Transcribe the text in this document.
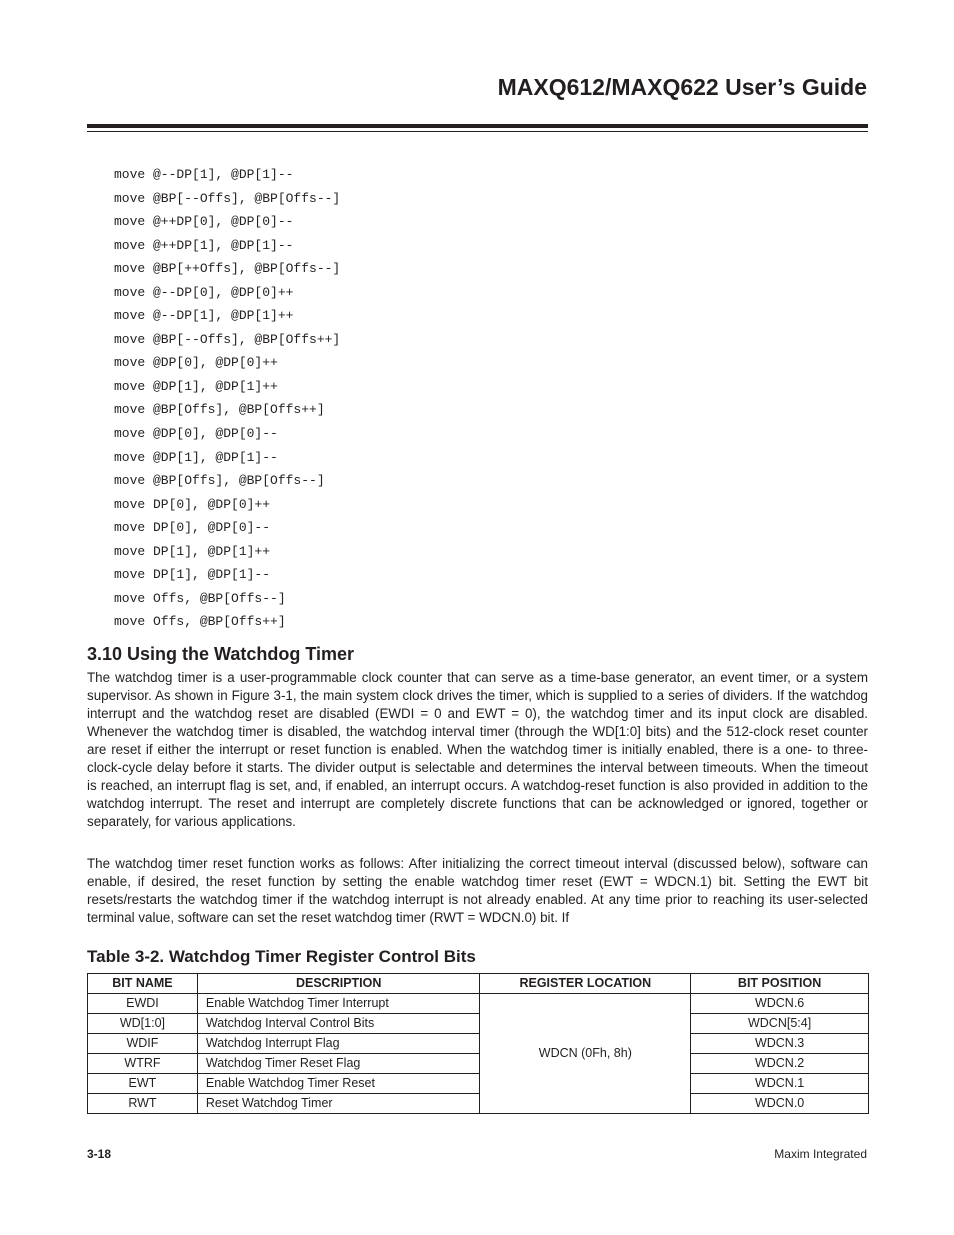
MAXQ612/MAXQ622 User’s Guide
move @--DP[1], @DP[1]--
move @BP[--Offs], @BP[Offs--]
move @++DP[0], @DP[0]--
move @++DP[1], @DP[1]--
move @BP[++Offs], @BP[Offs--]
move @--DP[0], @DP[0]++
move @--DP[1], @DP[1]++
move @BP[--Offs], @BP[Offs++]
move @DP[0], @DP[0]++
move @DP[1], @DP[1]++
move @BP[Offs], @BP[Offs++]
move @DP[0], @DP[0]--
move @DP[1], @DP[1]--
move @BP[Offs], @BP[Offs--]
move DP[0], @DP[0]++
move DP[0], @DP[0]--
move DP[1], @DP[1]++
move DP[1], @DP[1]--
move Offs, @BP[Offs--]
move Offs, @BP[Offs++]
3.10 Using the Watchdog Timer

The watchdog timer is a user-programmable clock counter that can serve as a time-base generator, an event timer, or a system supervisor. As shown in Figure 3-1, the main system clock drives the timer, which is supplied to a series of dividers. If the watchdog interrupt and the watchdog reset are disabled (EWDI = 0 and EWT = 0), the watchdog timer and its input clock are disabled. Whenever the watchdog timer is disabled, the watchdog interval timer (through the WD[1:0] bits) and the 512-clock reset counter are reset if either the interrupt or reset function is enabled. When the watchdog timer is initially enabled, there is a one- to three-clock-cycle delay before it starts. The divider output is selectable and determines the interval between timeouts. When the timeout is reached, an interrupt flag is set, and, if enabled, an interrupt occurs. A watchdog-reset function is also provided in addition to the watchdog interrupt. The reset and interrupt are completely discrete functions that can be acknowledged or ignored, together or separately, for various applications.

The watchdog timer reset function works as follows: After initializing the correct timeout interval (discussed below), software can enable, if desired, the reset function by setting the enable watchdog timer reset (EWT = WDCN.1) bit. Setting the EWT bit resets/restarts the watchdog timer if the watchdog interrupt is not already enabled. At any time prior to reaching its user-selected terminal value, software can set the reset watchdog timer (RWT = WDCN.0) bit. If

Table 3-2. Watchdog Timer Register Control Bits
BIT NAME	DESCRIPTION	REGISTER LOCATION	BIT POSITION
EWDI	Enable Watchdog Timer Interrupt	WDCN (0Fh, 8h)	WDCN.6
WD[1:0]	Watchdog Interval Control Bits		WDCN[5:4]
WDIF	Watchdog Interrupt Flag		WDCN.3
WTRF	Watchdog Timer Reset Flag		WDCN.2
EWT	Enable Watchdog Timer Reset		WDCN.1
RWT	Reset Watchdog Timer		WDCN.0
3-18	Maxim Integrated
